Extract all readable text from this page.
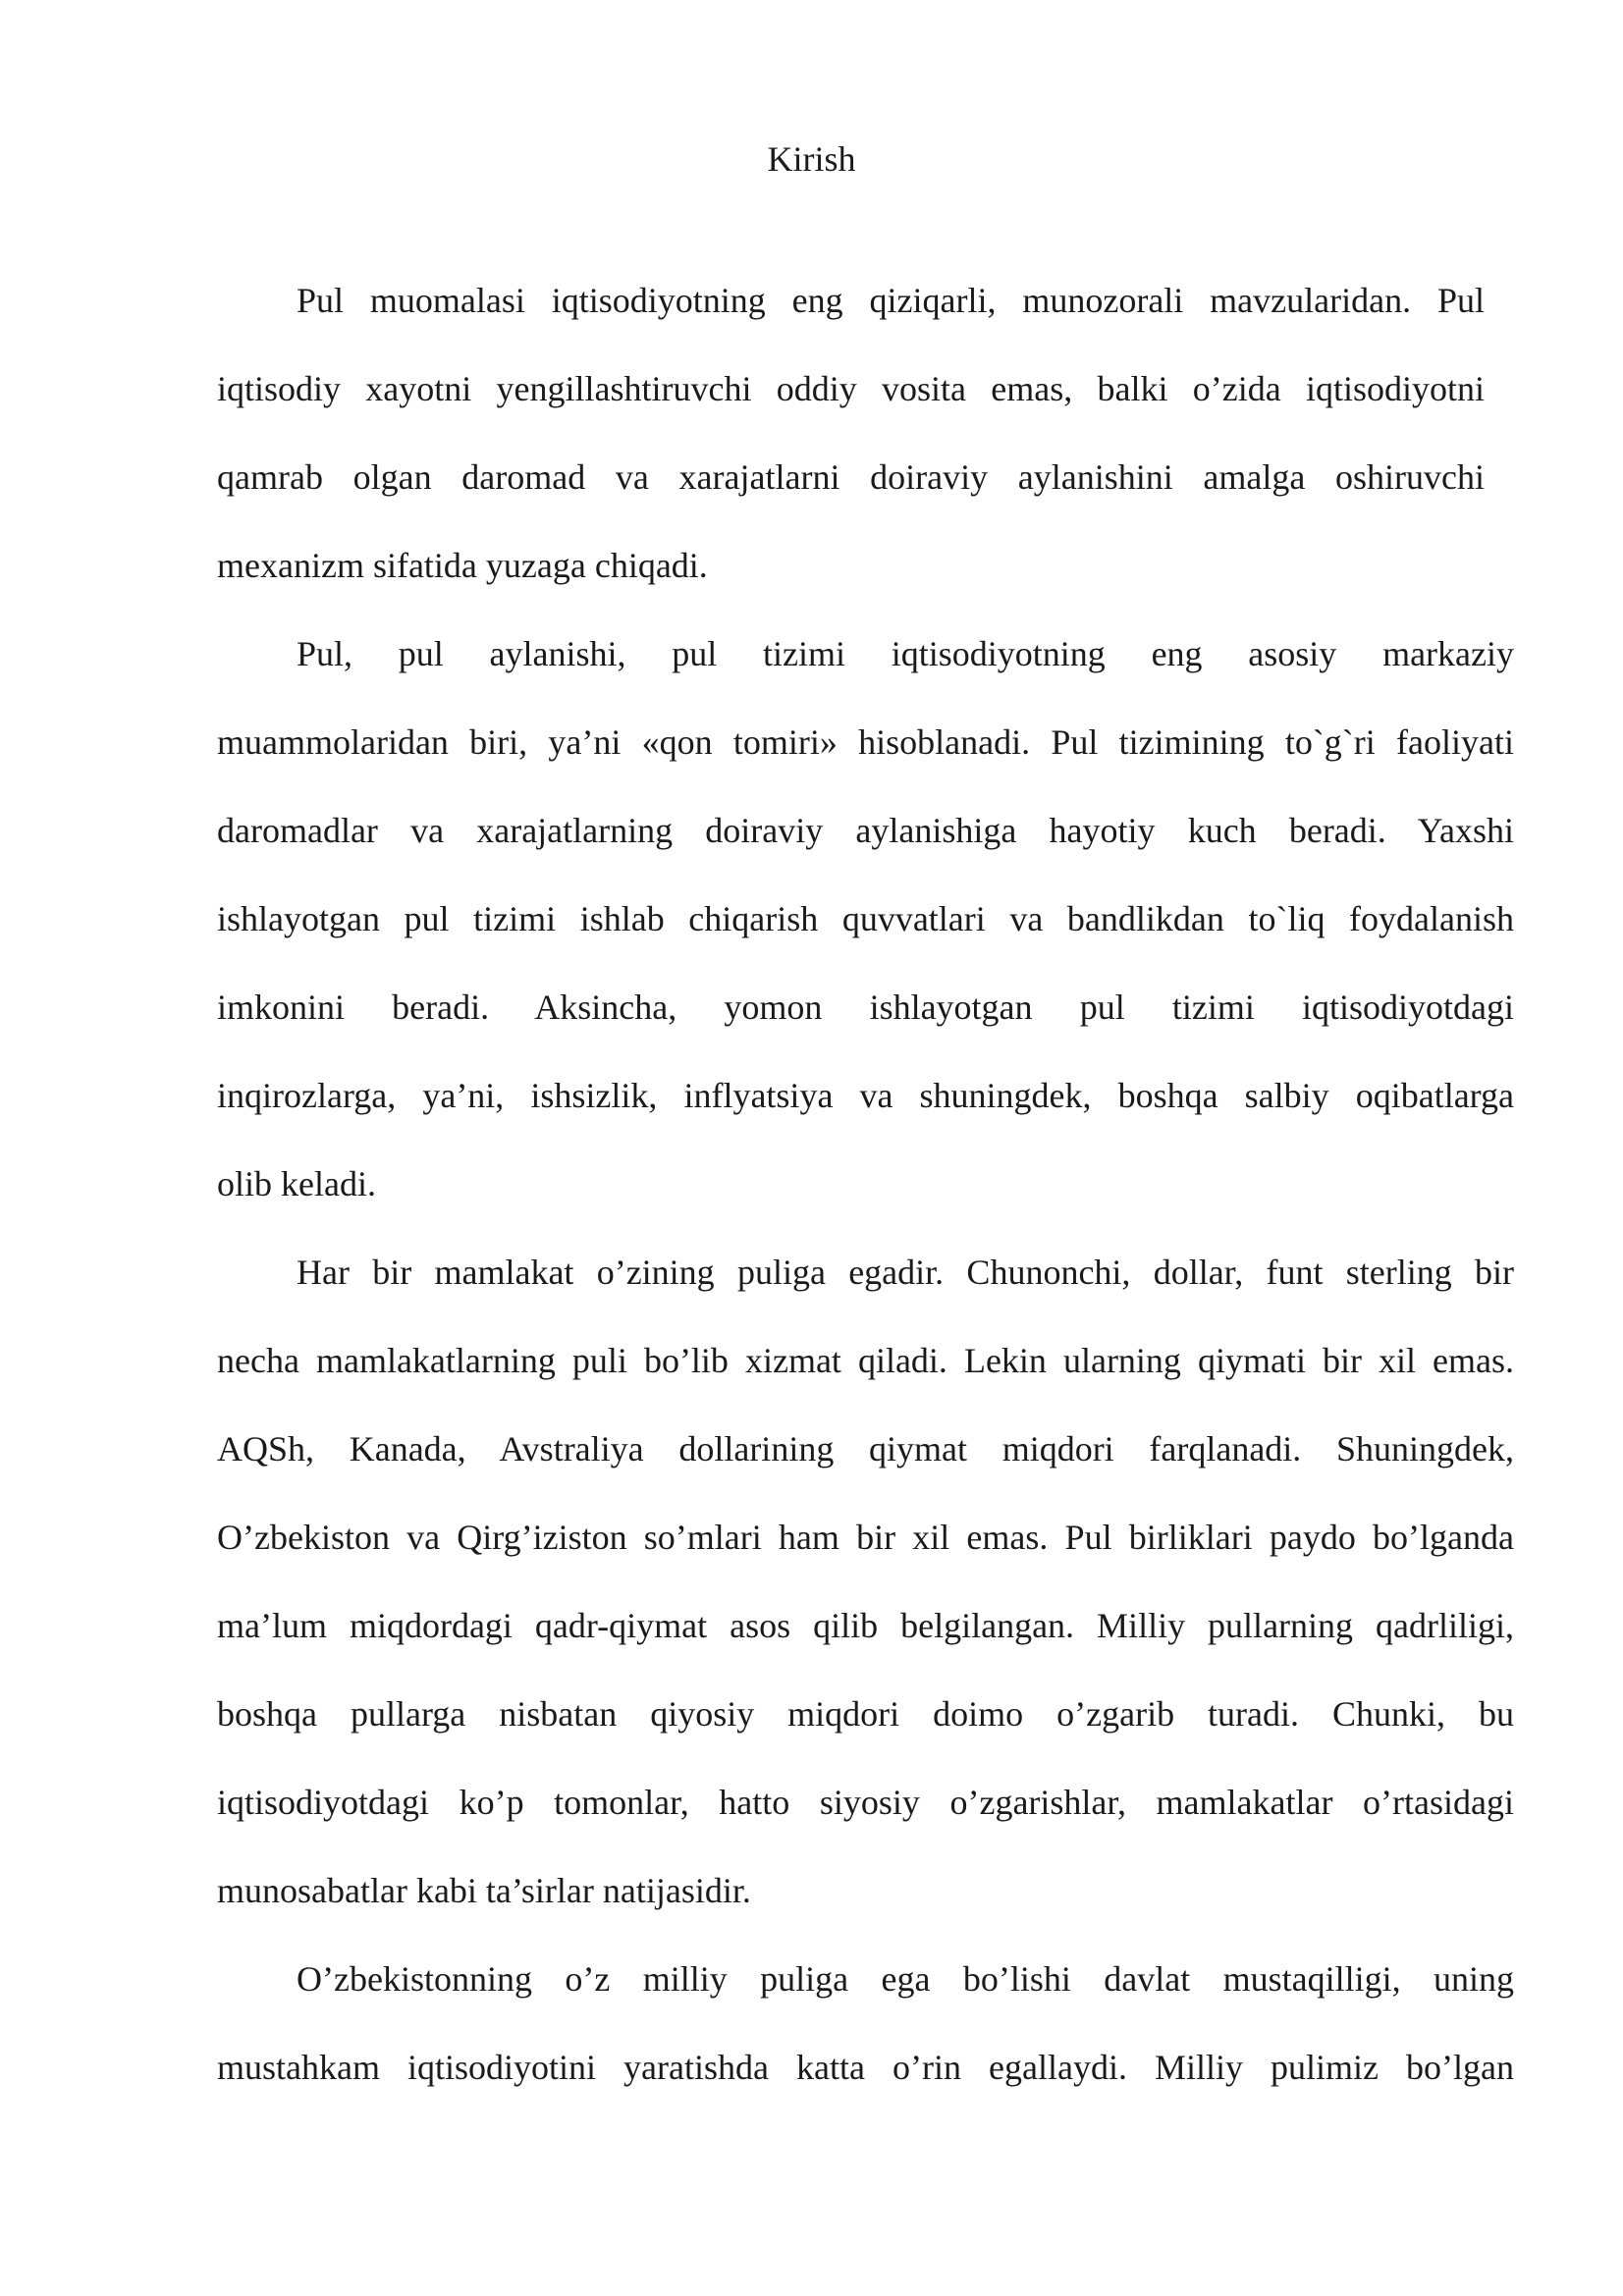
Kirish

Pul muomalasi iqtisodiyotning eng qiziqarli, munozorali mavzularidan. Pul

iqtisodiy xayotni yengillashtiruvchi oddiy vosita emas, balki o’zida iqtisodiyotni

qamrab olgan daromad va xarajatlarni doiraviy aylanishini amalga oshiruvchi

mexanizm sifatida yuzaga chiqadi.

Pul, pul aylanishi, pul tizimi iqtisodiyotning eng asosiy markaziy

muammolaridan biri, ya’ni «qon tomiri» hisoblanadi. Pul tizimining to`g`ri faoliyati

daromadlar va xarajatlarning doiraviy aylanishiga hayotiy kuch beradi. Yaxshi

ishlayotgan pul tizimi ishlab chiqarish quvvatlari va bandlikdan to`liq foydalanish

imkonini beradi. Aksincha, yomon ishlayotgan pul tizimi iqtisodiyotdagi

inqirozlarga, ya’ni, ishsizlik, inflyatsiya va shuningdek, boshqa salbiy oqibatlarga

olib keladi.

Har bir mamlakat o’zining puliga egadir. Chunonchi, dollar, funt sterling bir

necha mamlakatlarning puli bo’lib xizmat qiladi. Lekin ularning qiymati bir xil emas.

AQSh, Kanada, Avstraliya dollarining qiymat miqdori farqlanadi. Shuningdek,

O’zbekiston va Qirg’iziston so’mlari ham bir xil emas. Pul birliklari paydo bo’lganda

ma’lum miqdordagi qadr-qiymat asos qilib belgilangan. Milliy pullarning qadrliligi,

boshqa pullarga nisbatan qiyosiy miqdori doimo o’zgarib turadi. Chunki, bu

iqtisodiyotdagi ko’p tomonlar, hatto siyosiy o’zgarishlar, mamlakatlar o’rtasidagi

munosabatlar kabi ta’sirlar natijasidir.

O’zbekistonning o’z milliy puliga ega bo’lishi davlat mustaqilligi, uning

mustahkam iqtisodiyotini yaratishda katta o’rin egallaydi. Milliy pulimiz bo’lgan
